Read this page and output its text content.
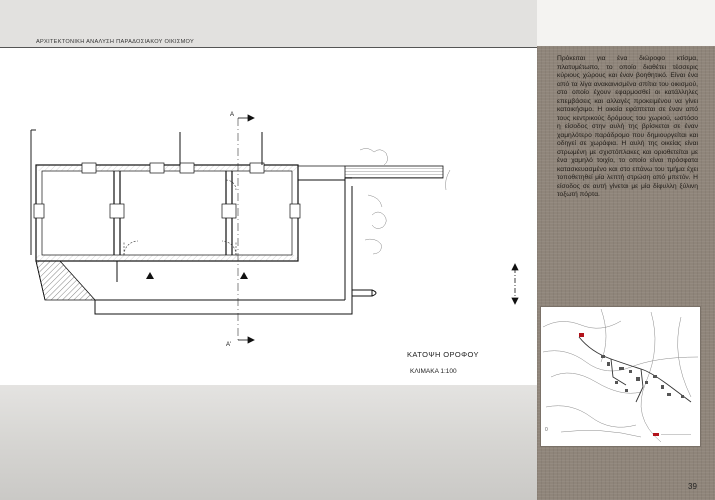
ΑΡΧΙΤΕΚΤΟΝΙΚΗ ΑΝΑΛΥΣΗ ΠΑΡΑΔΟΣΙΑΚΟΥ ΟΙΚΙΣΜΟΥ
A
A'
ΚΑΤΟΨΗ ΟΡΟΦΟΥ
ΚΛΙΜΑΚΑ 1:100

Πρόκειται για ένα διώροφο κτίσμα, πλατυμέτωπο, το οποίο διαθέτει τέσσερις κύριους χώρους και έναν βοηθητικό. Είναι ένα από τα λίγα ανακαινισμένα σπίτια του οικισμού, στο οποίο έχουν εφαρμοσθεί οι κατάλληλες επεμβάσεις και αλλαγές προκειμένου να γίνει κατοικήσιμο. Η οικεία εφάπτεται σε έναν από τους κεντρικούς δρόμους του χωριού, ωστόσο η είσοδος στην αυλή της βρίσκεται σε έναν χαμηλότερο παράδρομο που δημιουργείται και οδηγεί σε χωράφια. Η αυλή της οικείας είναι στρωμένη με σχιστόπλακες και οριοθετείται με ένα χαμηλό τοιχίο, το οποίο είναι πρόσφατα κατασκευασμένο και στο επάνω του τμήμα έχει τοποθετηθεί μία λεπτή στρώση από μπετόν. Η είσοδος σε αυτή γίνεται με μία δίφυλλη ξύλινη τοξωτή πόρτα.

0
39
